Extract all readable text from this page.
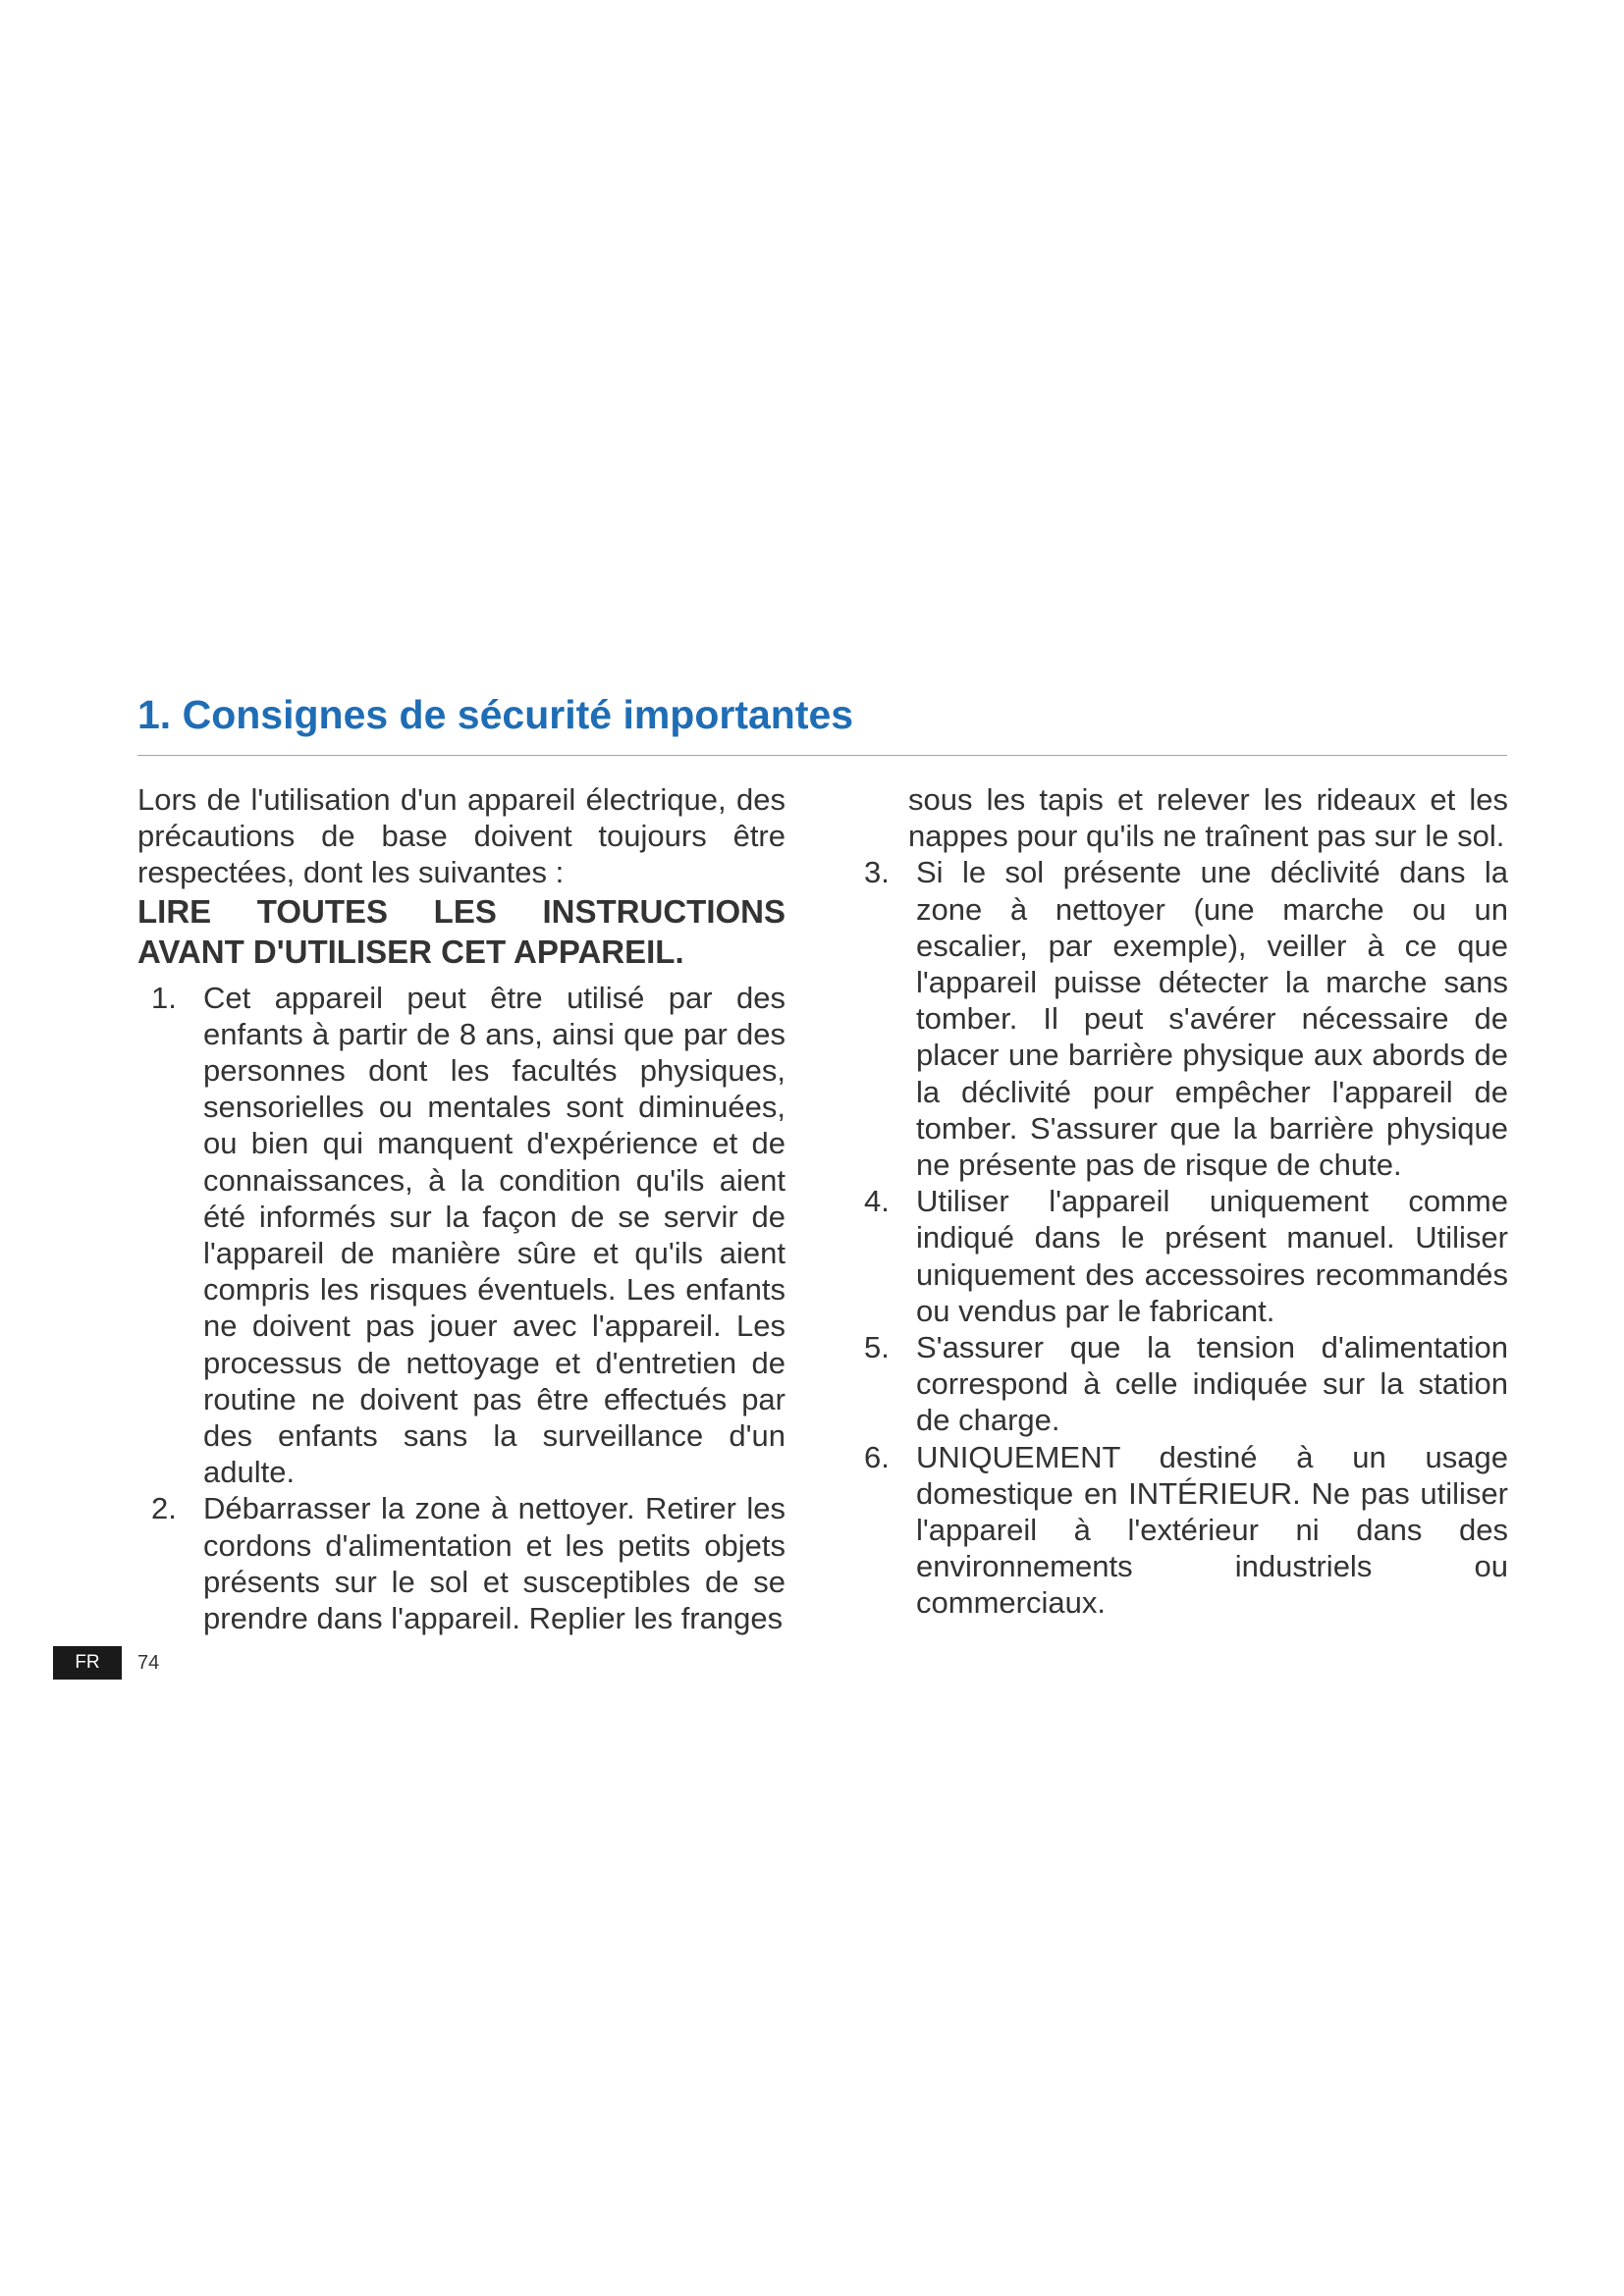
1. Consignes de sécurité importantes

Lors de l'utilisation d'un appareil électrique, des précautions de base doivent toujours être respectées, dont les suivantes :

LIRE TOUTES LES INSTRUCTIONS

AVANT D'UTILISER CET APPAREIL.

1. Cet appareil peut être utilisé par des enfants à partir de 8 ans, ainsi que par des personnes dont les facultés physiques, sensorielles ou mentales sont diminuées, ou bien qui manquent d'expérience et de connaissances, à la condition qu'ils aient été informés sur la façon de se servir de l'appareil de manière sûre et qu'ils aient compris les risques éventuels. Les enfants ne doivent pas jouer avec l'appareil. Les processus de nettoyage et d'entretien de routine ne doivent pas être effectués par des enfants sans la surveillance d'un adulte.
2. Débarrasser la zone à nettoyer. Retirer les cordons d'alimentation et les petits objets présents sur le sol et susceptibles de se prendre dans l'appareil. Replier les franges

sous les tapis et relever les rideaux et les nappes pour qu'ils ne traînent pas sur le sol.

3. Si le sol présente une déclivité dans la zone à nettoyer (une marche ou un escalier, par exemple), veiller à ce que l'appareil puisse détecter la marche sans tomber. Il peut s'avérer nécessaire de placer une barrière physique aux abords de la déclivité pour empêcher l'appareil de tomber. S'assurer que la barrière physique ne présente pas de risque de chute.
4. Utiliser l'appareil uniquement comme indiqué dans le présent manuel. Utiliser uniquement des accessoires recommandés ou vendus par le fabricant.
5. S'assurer que la tension d'alimentation correspond à celle indiquée sur la station de charge.
6. UNIQUEMENT destiné à un usage domestique en INTÉRIEUR. Ne pas utiliser l'appareil à l'extérieur ni dans des environnements industriels ou commerciaux.
FR	74
